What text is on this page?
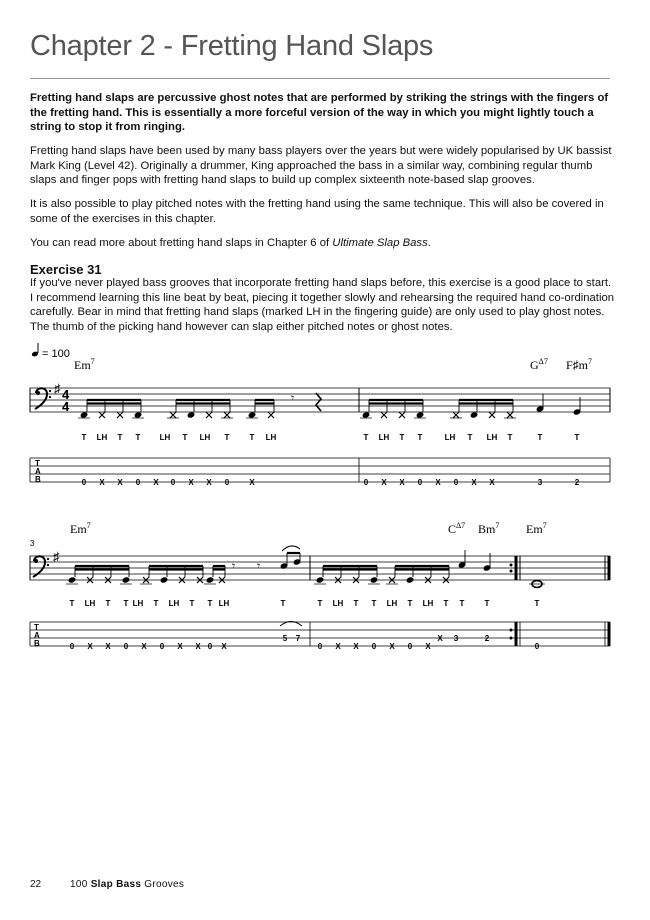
Chapter 2 - Fretting Hand Slaps

Fretting hand slaps are percussive ghost notes that are performed by striking the strings with the fingers of the fretting hand. This is essentially a more forceful version of the way in which you might lightly touch a string to stop it from ringing.

Fretting hand slaps have been used by many bass players over the years but were widely popularised by UK bassist Mark King (Level 42). Originally a drummer, King approached the bass in a similar way, combining regular thumb slaps and finger pops with fretting hand slaps to build up complex sixteenth note-based slap grooves.

It is also possible to play pitched notes with the fretting hand using the same technique. This will also be covered in some of the exercises in this chapter.

You can read more about fretting hand slaps in Chapter 6 of Ultimate Slap Bass.

Exercise 31

If you've never played bass grooves that incorporate fretting hand slaps before, this exercise is a good place to start. I recommend learning this line beat by beat, piecing it together slowly and rehearsing the required hand co-ordination carefully. Bear in mind that fretting hand slaps (marked LH in the fingering guide) are only used to play ghost notes. The thumb of the picking hand however can slap either pitched notes or ghost notes.

= 100
Em$^7$	$G^{\Delta 7}$ $F♯m^7$
♯ 4
4
𝄾
T LH T T LH T LH T	T LH	T LH T T	LH T LH T	T	T
T
A
B	0 X X 0 X 0 X X 0	X	0 X X 0 X 0 X X	3	2
Em$^7$	$C^{\Delta 7}$ Bm$^7$ Em$^7$
3
♯
𝄾 𝄾
T LH T T LH T LH T T LH	T	T LH T T LH T LH T T	T	T
T
A
B	0 X X 0 X 0 X X 0 X
5 7
0 X X 0 X 0 X
X 3	2
0
22	100 Slap Bass Grooves
